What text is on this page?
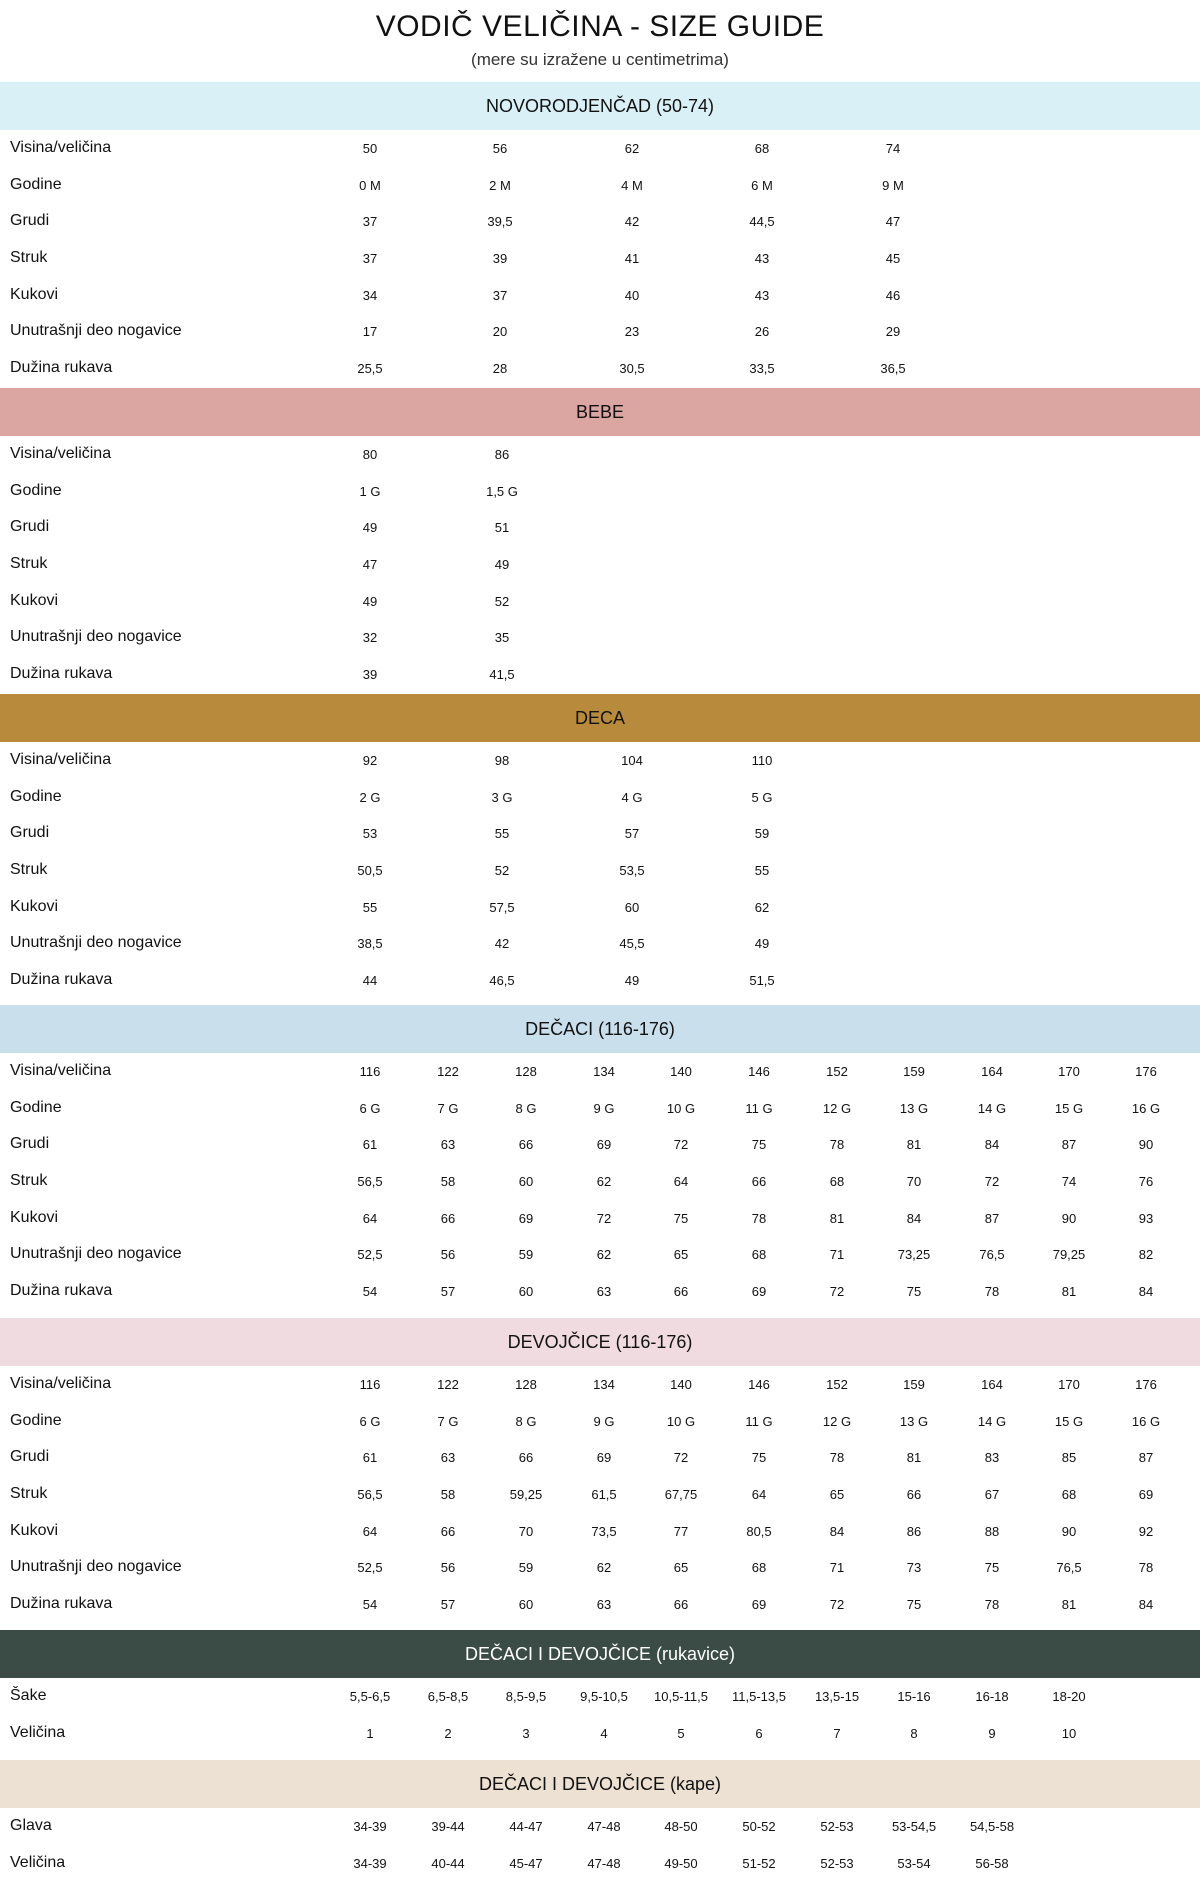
VODIČ VELIČINA - SIZE GUIDE
(mere su izražene u centimetrima)
NOVORODJENČAD (50-74)
Visina/veličina	50	56	62	68	74
Godine	0 M	2 M	4 M	6 M	9 M
Grudi	37	39,5	42	44,5	47
Struk	37	39	41	43	45
Kukovi	34	37	40	43	46
Unutrašnji deo nogavice	17	20	23	26	29
Dužina rukava	25,5	28	30,5	33,5	36,5
BEBE
Visina/veličina	80	86
Godine	1 G	1,5 G
Grudi	49	51
Struk	47	49
Kukovi	49	52
Unutrašnji deo nogavice	32	35
Dužina rukava	39	41,5
DECA
Visina/veličina	92	98	104	110
Godine	2 G	3 G	4 G	5 G
Grudi	53	55	57	59
Struk	50,5	52	53,5	55
Kukovi	55	57,5	60	62
Unutrašnji deo nogavice	38,5	42	45,5	49
Dužina rukava	44	46,5	49	51,5
DEČACI (116-176)
Visina/veličina	116	122	128	134	140	146	152	159	164	170	176
Godine	6 G	7 G	8 G	9 G	10 G	11 G	12 G	13 G	14 G	15 G	16 G
Grudi	61	63	66	69	72	75	78	81	84	87	90
Struk	56,5	58	60	62	64	66	68	70	72	74	76
Kukovi	64	66	69	72	75	78	81	84	87	90	93
Unutrašnji deo nogavice	52,5	56	59	62	65	68	71	73,25	76,5	79,25	82
Dužina rukava	54	57	60	63	66	69	72	75	78	81	84
DEVOJČICE (116-176)
Visina/veličina	116	122	128	134	140	146	152	159	164	170	176
Godine	6 G	7 G	8 G	9 G	10 G	11 G	12 G	13 G	14 G	15 G	16 G
Grudi	61	63	66	69	72	75	78	81	83	85	87
Struk	56,5	58	59,25	61,5	67,75	64	65	66	67	68	69
Kukovi	64	66	70	73,5	77	80,5	84	86	88	90	92
Unutrašnji deo nogavice	52,5	56	59	62	65	68	71	73	75	76,5	78
Dužina rukava	54	57	60	63	66	69	72	75	78	81	84
DEČACI I DEVOJČICE (rukavice)
Šake	5,5-6,5	6,5-8,5	8,5-9,5	9,5-10,5	10,5-11,5	11,5-13,5	13,5-15	15-16	16-18	18-20
Veličina	1	2	3	4	5	6	7	8	9	10
DEČACI I DEVOJČICE (kape)
Glava	34-39	39-44	44-47	47-48	48-50	50-52	52-53	53-54,5	54,5-58
Veličina	34-39	40-44	45-47	47-48	49-50	51-52	52-53	53-54	56-58
